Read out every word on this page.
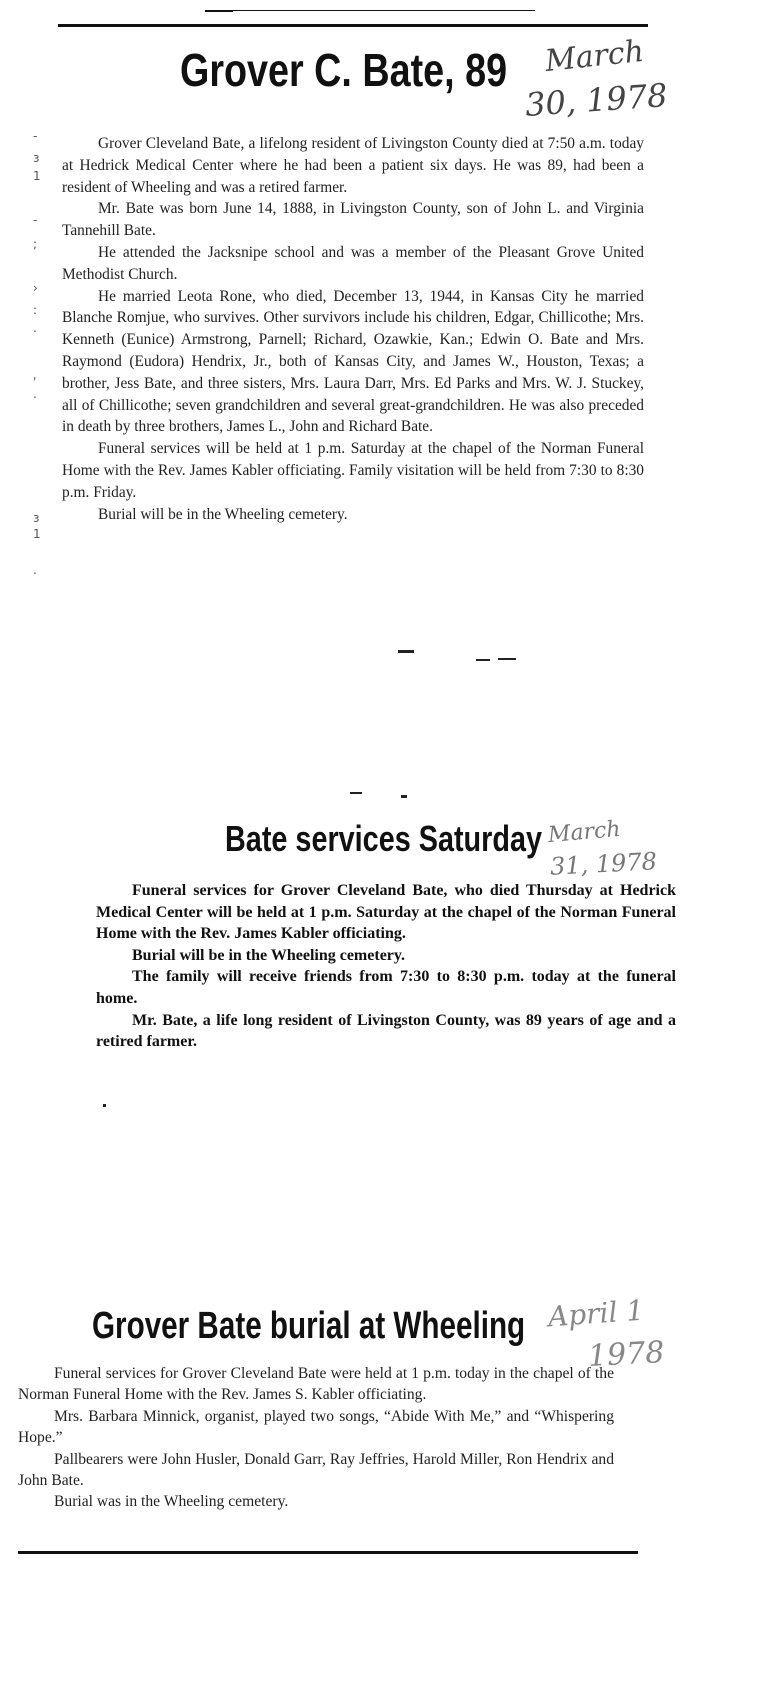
Grover C. Bate, 89 March
30, 1978
-
ɜ
1
-
;
›
:
.
'
.
ɜ
1
.

Grover Cleveland Bate, a lifelong resident of Livingston County died at 7:50 a.m. today at Hedrick Medical Center where he had been a patient six days. He was 89, had been a resident of Wheeling and was a retired farmer.

Mr. Bate was born June 14, 1888, in Livingston County, son of John L. and Virginia Tannehill Bate.

He attended the Jacksnipe school and was a member of the Pleasant Grove United Methodist Church.

He married Leota Rone, who died, December 13, 1944, in Kansas City he married Blanche Romjue, who survives. Other survivors include his children, Edgar, Chillicothe; Mrs. Kenneth (Eunice) Armstrong, Parnell; Richard, Ozawkie, Kan.; Edwin O. Bate and Mrs. Raymond (Eudora) Hendrix, Jr., both of Kansas City, and James W., Houston, Texas; a brother, Jess Bate, and three sisters, Mrs. Laura Darr, Mrs. Ed Parks and Mrs. W. J. Stuckey, all of Chillicothe; seven grandchildren and several great-grandchildren. He was also preceded in death by three brothers, James L., John and Richard Bate.

Funeral services will be held at 1 p.m. Saturday at the chapel of the Norman Funeral Home with the Rev. James Kabler officiating. Family visitation will be held from 7:30 to 8:30 p.m. Friday.

Burial will be in the Wheeling cemetery.

Bate services Saturday March
31, 1978

Funeral services for Grover Cleveland Bate, who died Thursday at Hedrick Medical Center will be held at 1 p.m. Saturday at the chapel of the Norman Funeral Home with the Rev. James Kabler officiating.

Burial will be in the Wheeling cemetery.

The family will receive friends from 7:30 to 8:30 p.m. today at the funeral home.

Mr. Bate, a life long resident of Livingston County, was 89 years of age and a retired farmer.

Grover Bate burial at Wheeling April 1
1978

Funeral services for Grover Cleveland Bate were held at 1 p.m. today in the chapel of the Norman Funeral Home with the Rev. James S. Kabler officiating.

Mrs. Barbara Minnick, organist, played two songs, “Abide With Me,” and “Whispering Hope.”

Pallbearers were John Husler, Donald Garr, Ray Jeffries, Harold Miller, Ron Hendrix and John Bate.

Burial was in the Wheeling cemetery.
